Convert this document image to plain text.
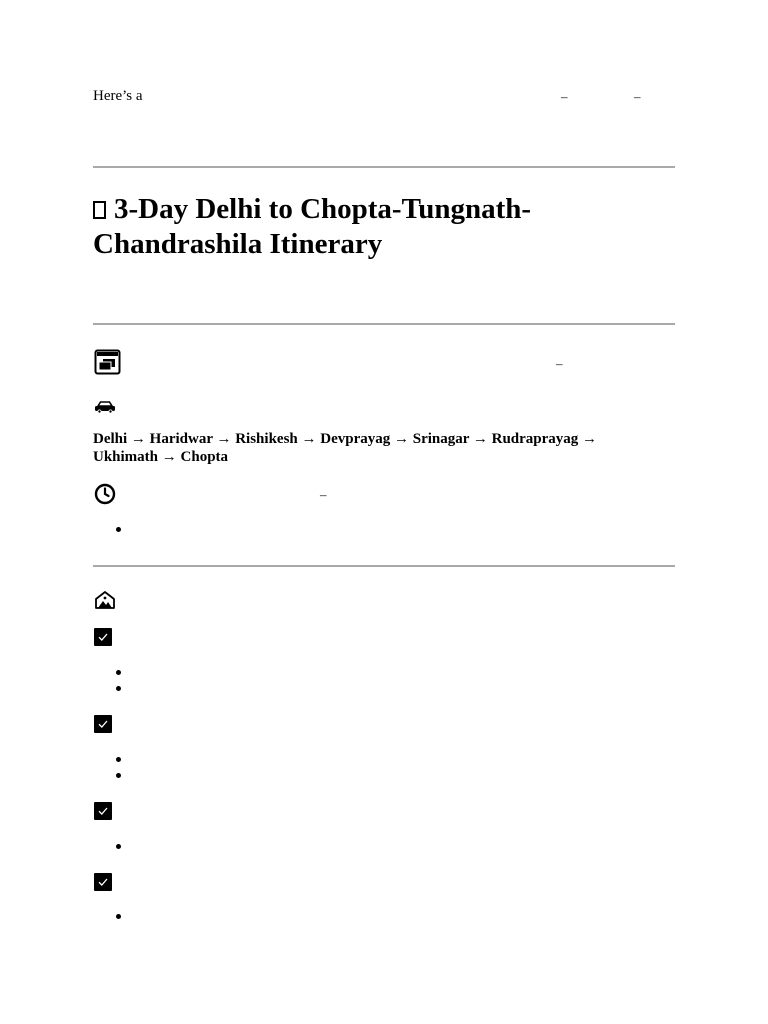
Here’s a	–	–
3-Day Delhi to Chopta-Tungnath-Chandrashila Itinerary
–
Delhi → Haridwar → Rishikesh → Devprayag → Srinagar → Rudraprayag → Ukhimath → Chopta
–
